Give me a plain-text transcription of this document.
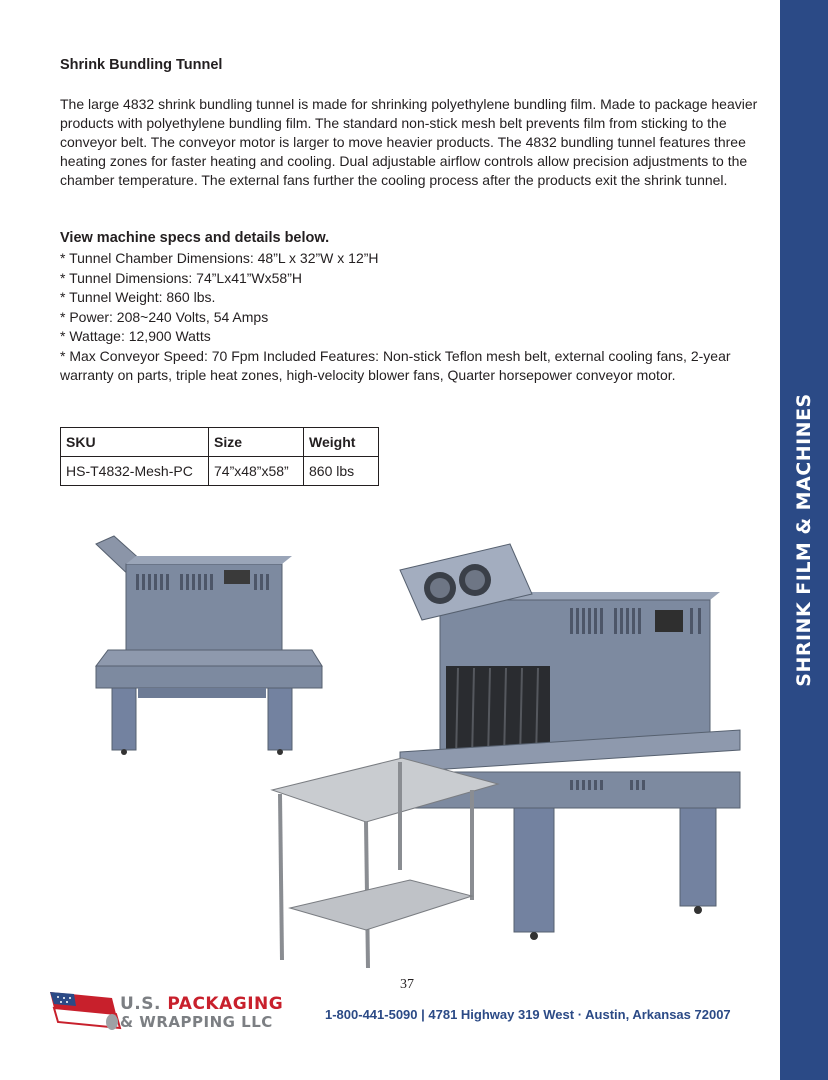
SHRINK FILM & MACHINES
Shrink Bundling Tunnel
The large 4832 shrink bundling tunnel is made for shrinking polyethylene bundling film. Made to package heavier products with polyethylene bundling film. The standard non-stick mesh belt prevents film from sticking to the conveyor belt. The conveyor motor is larger to move heavier products. The 4832 bundling tunnel features three heating zones for faster heating and cooling. Dual adjustable airflow controls allow precision adjustments to the chamber temperature. The external fans further the cooling process after the products exit the shrink tunnel.
View machine specs and details below.
* Tunnel Chamber Dimensions: 48”L x 32”W x 12”H
* Tunnel Dimensions: 74”Lx41”Wx58”H
* Tunnel Weight: 860 lbs.
* Power: 208~240 Volts, 54 Amps
* Wattage: 12,900 Watts
* Max Conveyor Speed: 70 Fpm Included Features: Non-stick Teflon mesh belt, external cooling fans, 2-year warranty on parts, triple heat zones, high-velocity blower fans, Quarter horsepower conveyor motor.
SKU	Size	Weight
HS-T4832-Mesh-PC	74”x48”x58”	860 lbs
37
U.S. PACKAGING
& WRAPPING LLC	1-800-441-5090 | 4781 Highway 319 West · Austin, Arkansas 72007
